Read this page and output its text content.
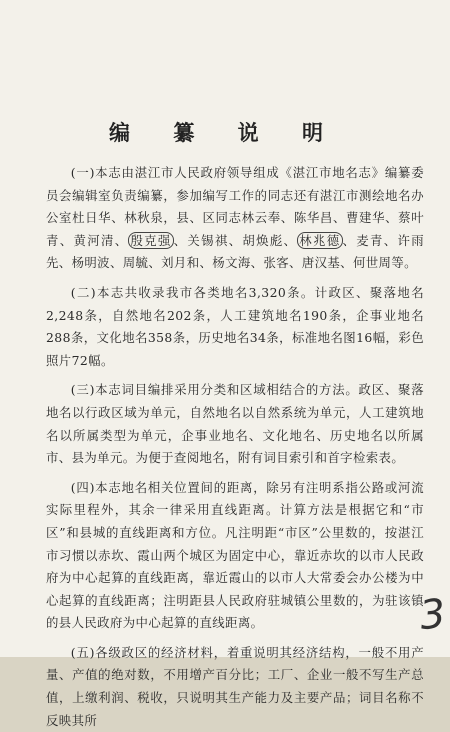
编 纂 说 明

(一)本志由湛江市人民政府领导组成《湛江市地名志》编纂委员会编辑室负责编纂，参加编写工作的同志还有湛江市测绘地名办公室杜日华、林秋泉，县、区同志林云奉、陈华昌、曹建华、蔡叶青、黄河清、 殷克强 、关锡祺、胡焕彪、 林兆德 、麦青、许雨先、杨明波、周毓、刘月和、杨文海、张客、唐汉基、何世周等。

(二)本志共收录我市各类地名3,320条。计政区、聚落地名2,248条，自然地名202条，人工建筑地名190条，企事业地名288条，文化地名358条，历史地名34条，标准地名图16幅，彩色照片72幅。

(三)本志词目编排采用分类和区域相结合的方法。政区、聚落地名以行政区域为单元，自然地名以自然系统为单元，人工建筑地名以所属类型为单元，企事业地名、文化地名、历史地名以所属市、县为单元。为便于查阅地名，附有词目索引和首字检索表。

(四)本志地名相关位置间的距离，除另有注明系指公路或河流实际里程外，其余一律采用直线距离。计算方法是根据它和“市区”和县城的直线距离和方位。凡注明距“市区”公里数的，按湛江市习惯以赤坎、霞山两个城区为固定中心，靠近赤坎的以市人民政府为中心起算的直线距离，靠近霞山的以市人大常委会办公楼为中心起算的直线距离；注明距县人民政府驻城镇公里数的，为驻该镇的县人民政府为中心起算的直线距离。

(五)各级政区的经济材料，着重说明其经济结构，一般不用产量、产值的绝对数，不用增产百分比；工厂、企业一般不写生产总值，上缴利润、税收，只说明其生产能力及主要产品；词目名称不反映其所

3
